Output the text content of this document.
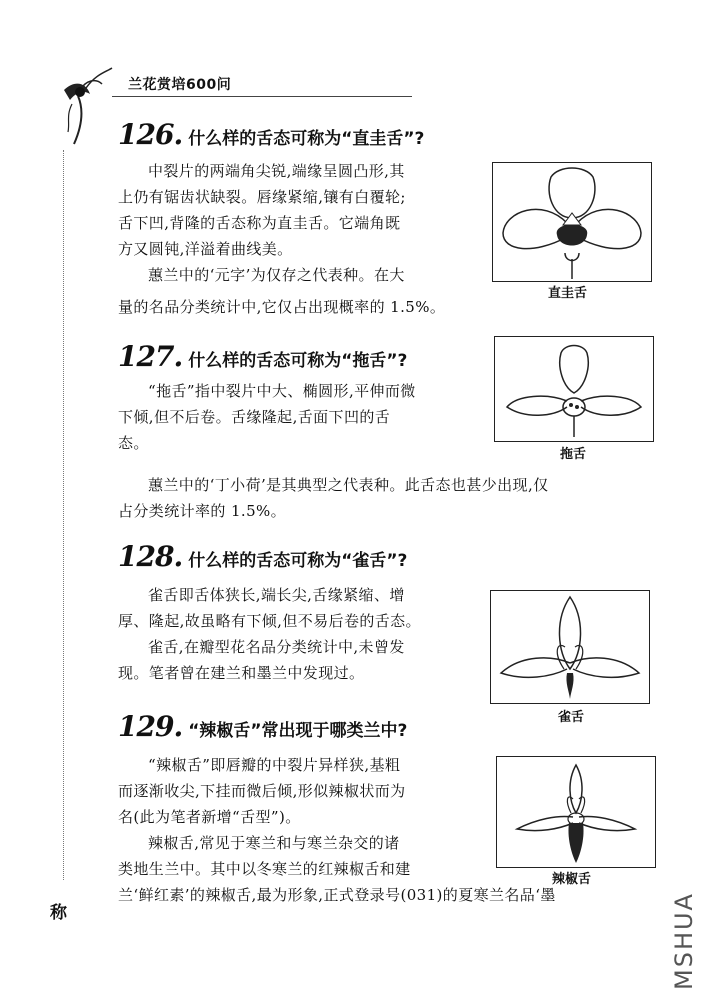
兰花赏培600问
称
126. 什么样的舌态可称为“直圭舌”?
中裂片的两端角尖锐,端缘呈圆凸形,其
上仍有锯齿状缺裂。唇缘紧缩,镶有白覆轮;
舌下凹,背隆的舌态称为直圭舌。它端角既
方又圆钝,洋溢着曲线美。
蕙兰中的‘元字’为仅存之代表种。在大
量的名品分类统计中,它仅占出现概率的 1.5%。
直圭舌
127. 什么样的舌态可称为“拖舌”?
“拖舌”指中裂片中大、椭圆形,平伸而微
下倾,但不后卷。舌缘隆起,舌面下凹的舌
态。
蕙兰中的‘丁小荷’是其典型之代表种。此舌态也甚少出现,仅
占分类统计率的 1.5%。
拖舌
128. 什么样的舌态可称为“雀舌”?
雀舌即舌体狭长,端长尖,舌缘紧缩、增
厚、隆起,故虽略有下倾,但不易后卷的舌态。
雀舌,在瓣型花名品分类统计中,未曾发
现。笔者曾在建兰和墨兰中发现过。
雀舌
129. “辣椒舌”常出现于哪类兰中?
“辣椒舌”即唇瓣的中裂片异样狭,基粗
而逐渐收尖,下挂而微后倾,形似辣椒状而为
名(此为笔者新增“舌型”)。
辣椒舌,常见于寒兰和与寒兰杂交的诸
类地生兰中。其中以冬寒兰的红辣椒舌和建
兰‘鲜红素’的辣椒舌,最为形象,正式登录号(031)的夏寒兰名品‘墨
辣椒舌
MSHUA
